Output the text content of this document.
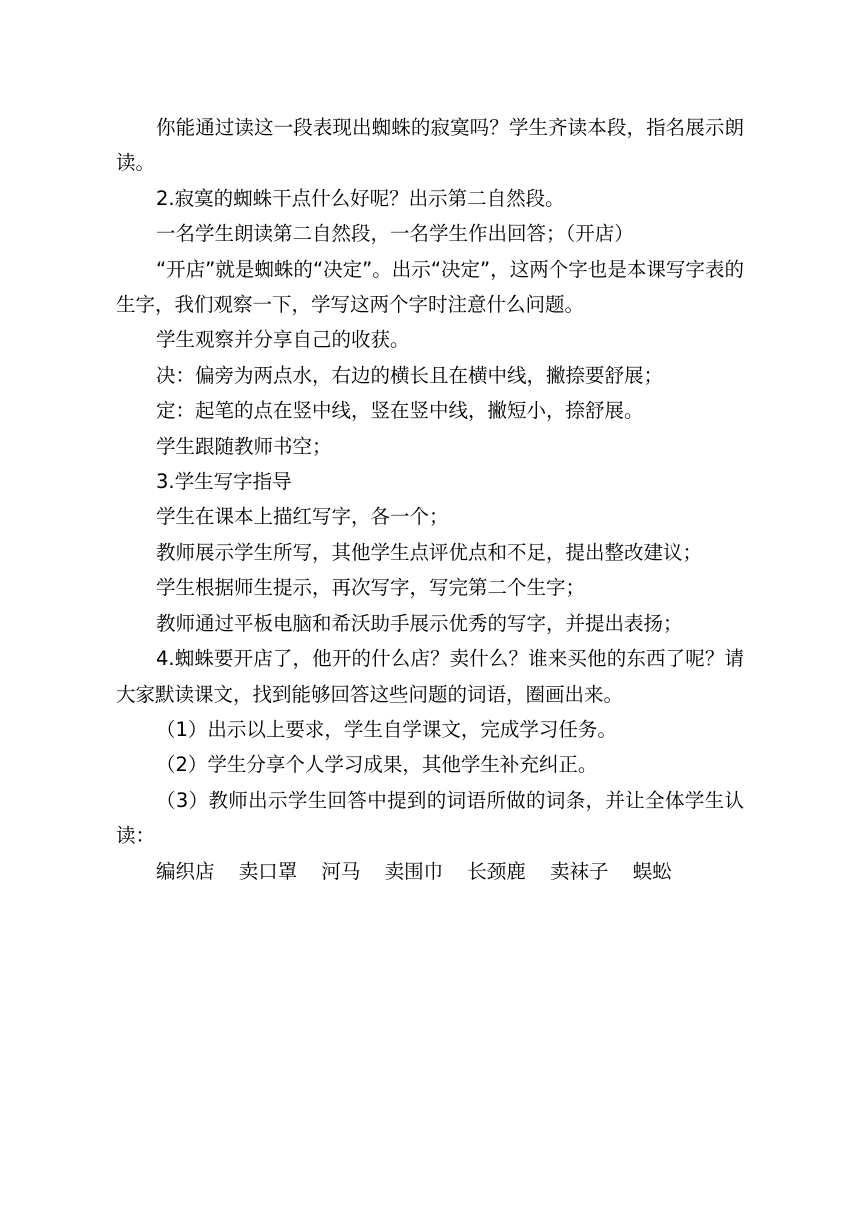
你能通过读这一段表现出蜘蛛的寂寞吗？学生齐读本段，指名展示朗读。

2.寂寞的蜘蛛干点什么好呢？出示第二自然段。

一名学生朗读第二自然段，一名学生作出回答；（开店）

“开店”就是蜘蛛的“决定”。出示“决定”，这两个字也是本课写字表的生字，我们观察一下，学写这两个字时注意什么问题。

学生观察并分享自己的收获。

决：偏旁为两点水，右边的横长且在横中线，撇捺要舒展；

定：起笔的点在竖中线，竖在竖中线，撇短小，捺舒展。

学生跟随教师书空；

3.学生写字指导

学生在课本上描红写字，各一个；

教师展示学生所写，其他学生点评优点和不足，提出整改建议；

学生根据师生提示，再次写字，写完第二个生字；

教师通过平板电脑和希沃助手展示优秀的写字，并提出表扬；

4.蜘蛛要开店了，他开的什么店？卖什么？谁来买他的东西了呢？请大家默读课文，找到能够回答这些问题的词语，圈画出来。

（1）出示以上要求，学生自学课文，完成学习任务。

（2）学生分享个人学习成果，其他学生补充纠正。

（3）教师出示学生回答中提到的词语所做的词条，并让全体学生认读：

编织店 卖口罩 河马 卖围巾 长颈鹿 卖袜子 蜈蚣
